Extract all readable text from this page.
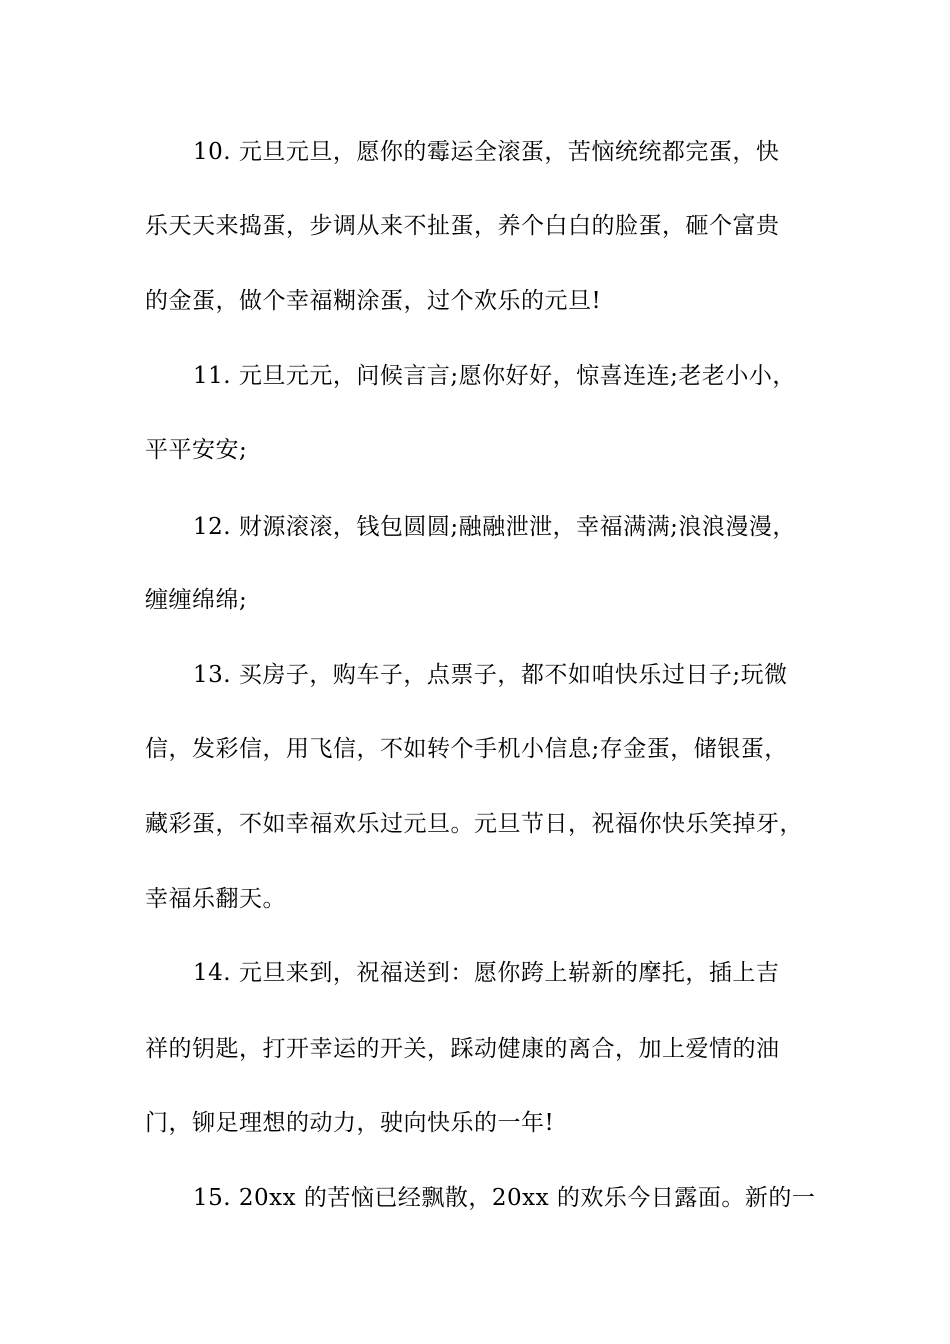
10. 元旦元旦，愿你的霉运全滚蛋，苦恼统统都完蛋，快
乐天天来捣蛋，步调从来不扯蛋，养个白白的脸蛋，砸个富贵
的金蛋，做个幸福糊涂蛋，过个欢乐的元旦!
11. 元旦元元，问候言言;愿你好好，惊喜连连;老老小小，
平平安安;
12. 财源滚滚，钱包圆圆;融融泄泄，幸福满满;浪浪漫漫，
缠缠绵绵;
13. 买房子，购车子，点票子，都不如咱快乐过日子;玩微
信，发彩信，用飞信，不如转个手机小信息;存金蛋，储银蛋，
藏彩蛋，不如幸福欢乐过元旦。元旦节日，祝福你快乐笑掉牙，
幸福乐翻天。
14. 元旦来到，祝福送到：愿你跨上崭新的摩托，插上吉
祥的钥匙，打开幸运的开关，踩动健康的离合，加上爱情的油
门，铆足理想的动力，驶向快乐的一年!
15. 20xx 的苦恼已经飘散，20xx 的欢乐今日露面。新的一
